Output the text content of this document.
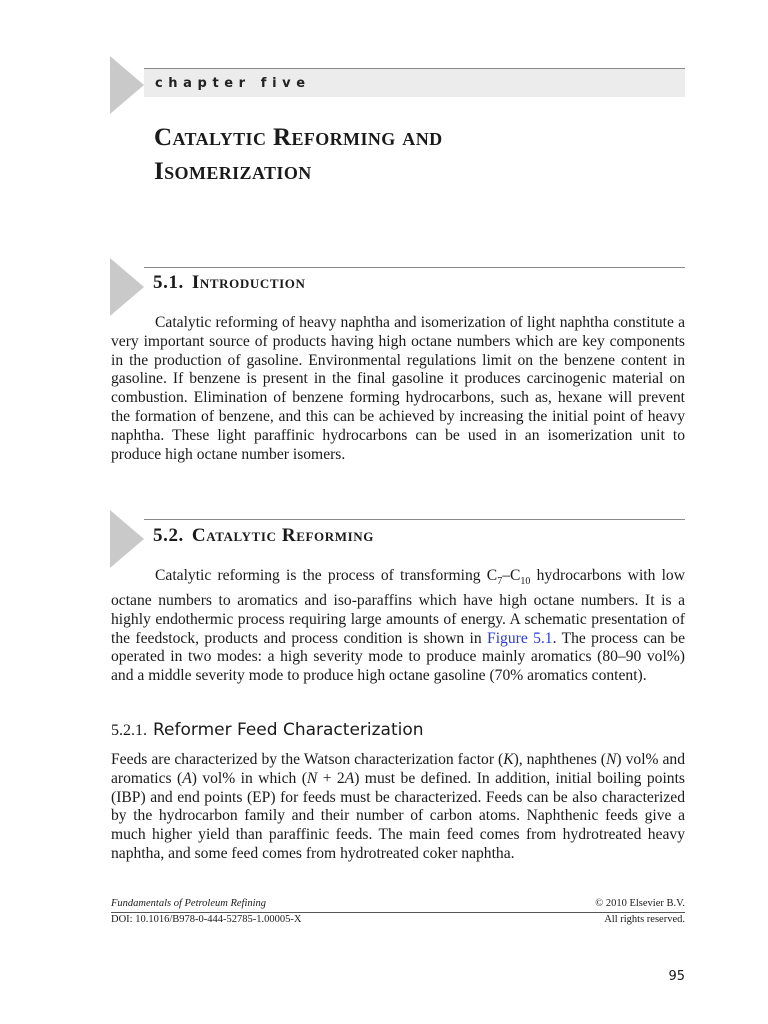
chapter five
Catalytic Reforming and
Isomerization
5.1. Introduction

Catalytic reforming of heavy naphtha and isomerization of light naphtha constitute a very important source of products having high octane numbers which are key components in the production of gasoline. Environmental regulations limit on the benzene content in gasoline. If benzene is present in the final gasoline it produces carcinogenic material on combustion. Elimination of benzene forming hydrocarbons, such as, hexane will prevent the formation of benzene, and this can be achieved by increasing the initial point of heavy naphtha. These light paraffinic hydrocarbons can be used in an isomerization unit to produce high octane number isomers.

5.2. Catalytic Reforming

Catalytic reforming is the process of transforming $C_7-C_{10}$ hydrocarbons with low octane numbers to aromatics and iso-paraffins which have high octane numbers. It is a highly endothermic process requiring large amounts of energy. A schematic presentation of the feedstock, products and process condition is shown in Figure 5.1. The process can be operated in two modes: a high severity mode to produce mainly aromatics (80–90 vol%) and a middle severity mode to produce high octane gasoline (70% aromatics content).

5.2.1. Reformer Feed Characterization

Feeds are characterized by the Watson characterization factor (K), naphthenes (N) vol% and aromatics (A) vol% in which (N + 2A) must be defined. In addition, initial boiling points (IBP) and end points (EP) for feeds must be characterized. Feeds can be also characterized by the hydrocarbon family and their number of carbon atoms. Naphthenic feeds give a much higher yield than paraffinic feeds. The main feed comes from hydrotreated heavy naphtha, and some feed comes from hydrotreated coker naphtha.

Fundamentals of Petroleum Refining	© 2010 Elsevier B.V.
DOI: 10.1016/B978-0-444-52785-1.00005-X	All rights reserved.
95
